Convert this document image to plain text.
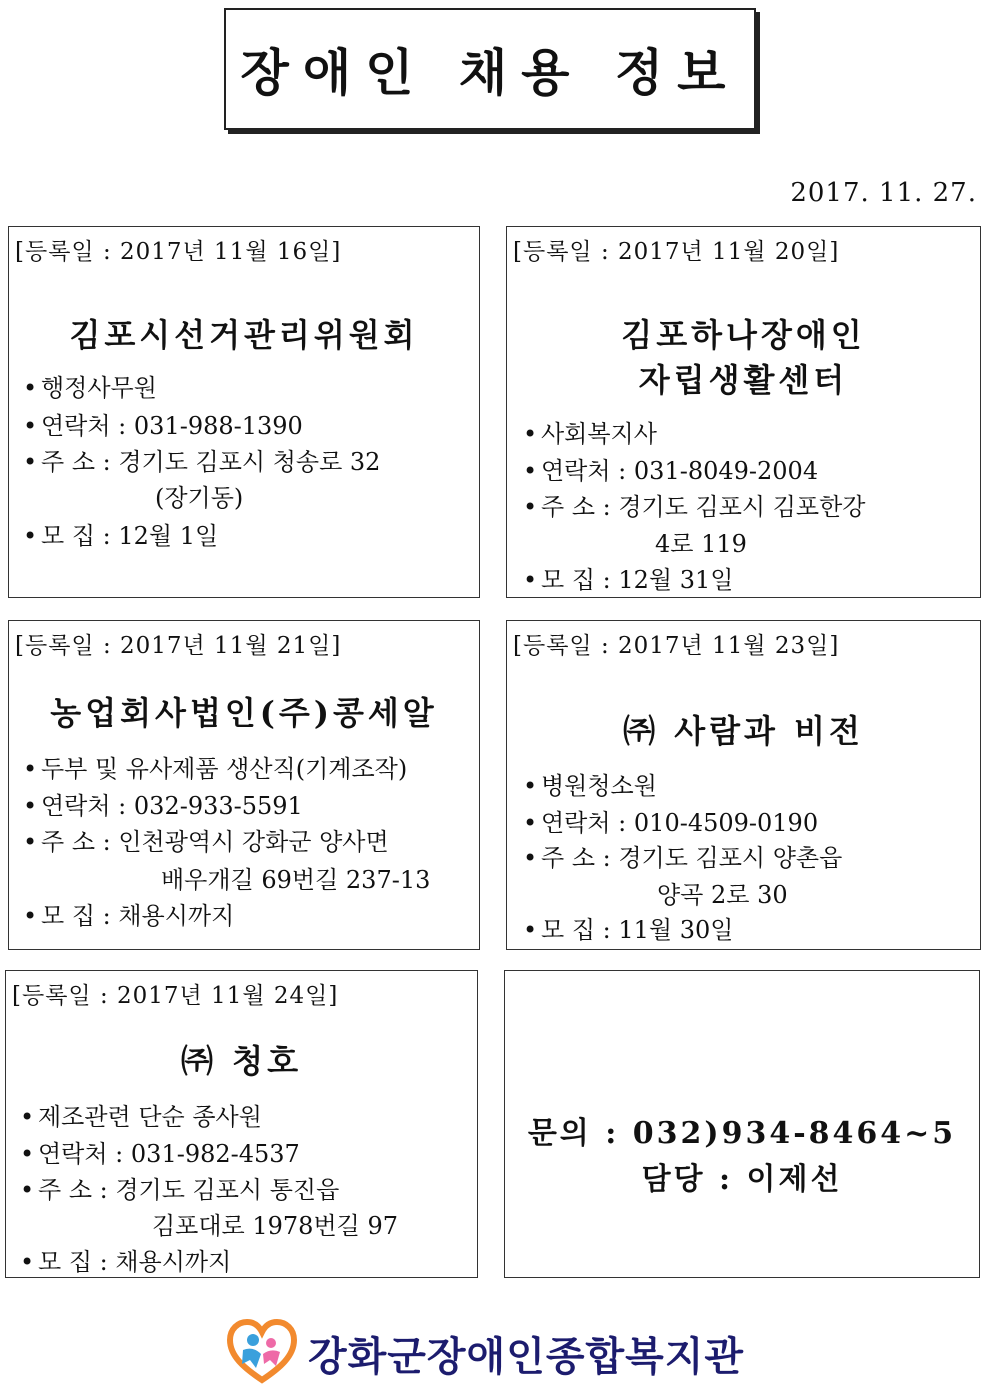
장애인 채용 정보
2017. 11. 27.
[등록일 : 2017년 11월 16일]
김포시선거관리위원회
• 행정사무원
• 연락처 : 031-988-1390
• 주 소 : 경기도 김포시 청송로 32
(장기동)
• 모 집 : 12월 1일
[등록일 : 2017년 11월 20일]
김포하나장애인
자립생활센터
• 사회복지사
• 연락처 : 031-8049-2004
• 주 소 : 경기도 김포시 김포한강
4로 119
• 모 집 : 12월 31일
[등록일 : 2017년 11월 21일]
농업회사법인(주)콩세알
• 두부 및 유사제품 생산직(기계조작)
• 연락처 : 032-933-5591
• 주 소 : 인천광역시 강화군 양사면
배우개길 69번길 237-13
• 모 집 : 채용시까지
[등록일 : 2017년 11월 23일]
㈜ 사람과 비전
• 병원청소원
• 연락처 : 010-4509-0190
• 주 소 : 경기도 김포시 양촌읍
양곡 2로 30
• 모 집 : 11월 30일
[등록일 : 2017년 11월 24일]
㈜ 청호
• 제조관련 단순 종사원
• 연락처 : 031-982-4537
• 주 소 : 경기도 김포시 통진읍
김포대로 1978번길 97
• 모 집 : 채용시까지
문의 : 032)934-8464~5
담당 : 이제선
강화군장애인종합복지관
